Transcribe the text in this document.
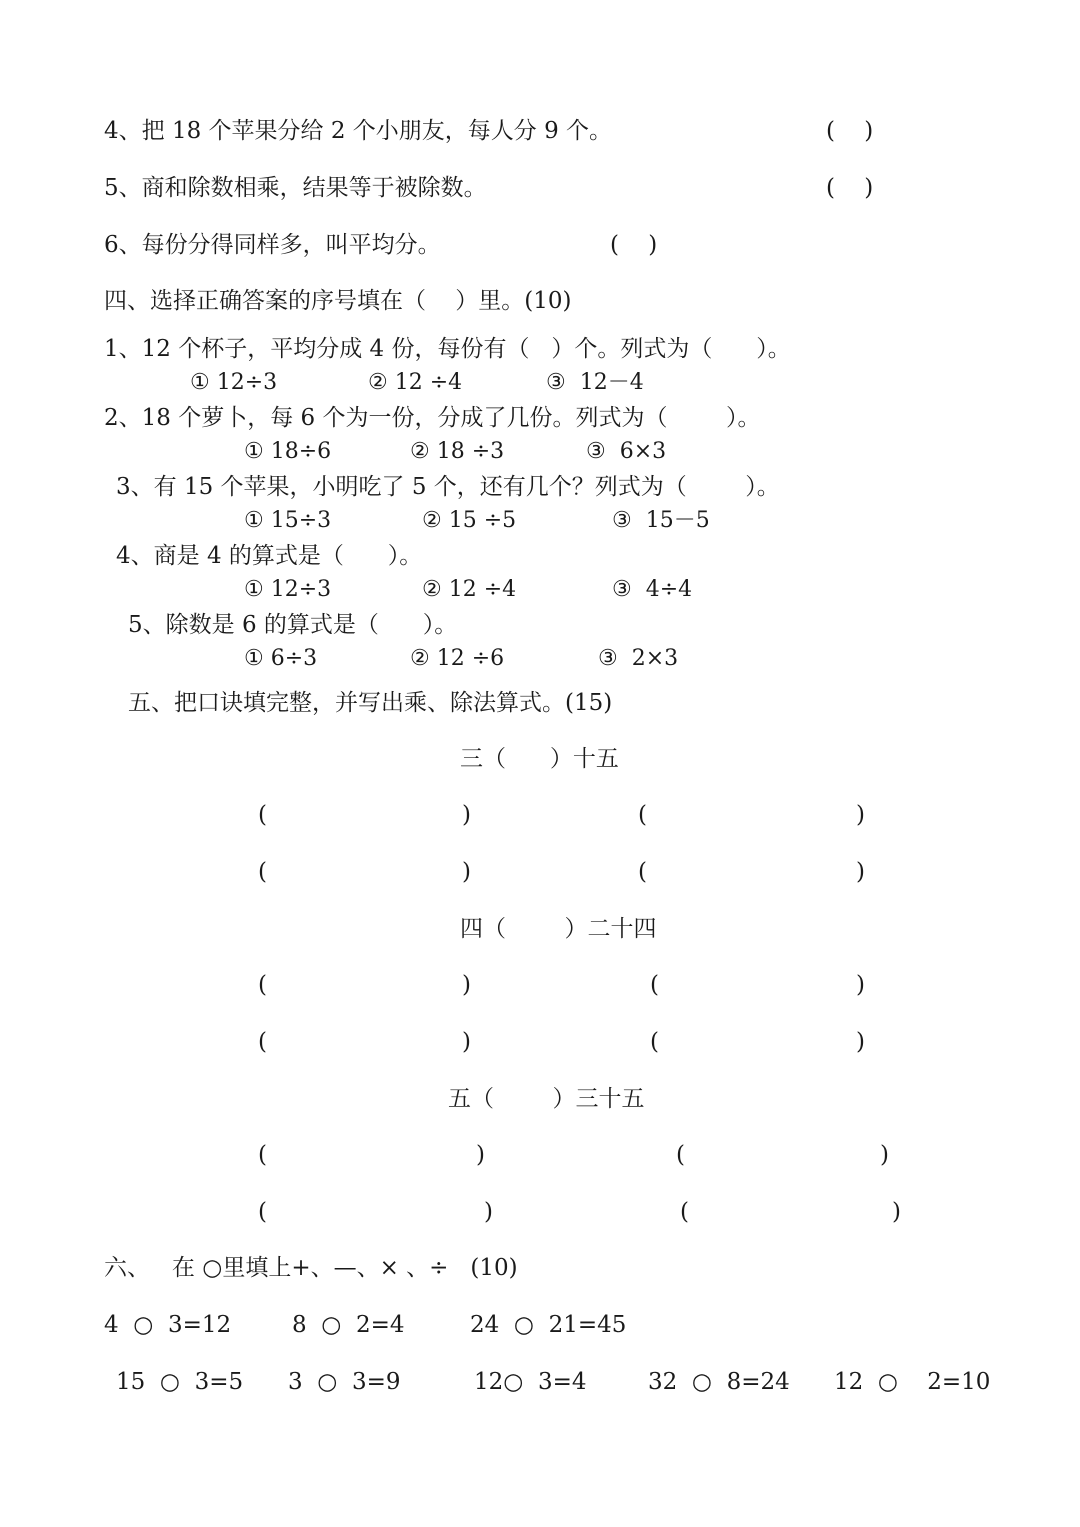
4、把 18 个苹果分给 2 个小朋友，每人分 9 个。	(    )
5、商和除数相乘，结果等于被除数。	(    )
6、每份分得同样多，叫平均分。	(    )
四、选择正确答案的序号填在（    ）里。(10)
1、12 个杯子，平均分成 4 份，每份有（   ）个。列式为（      ）。
① 12÷3	② 12 ÷4	③  12－4
2、18 个萝卜，每 6 个为一份，分成了几份。列式为（        ）。
① 18÷6	② 18 ÷3	③  6×3
3、有 15 个苹果，小明吃了 5 个，还有几个？列式为（        ）。
① 15÷3	② 15 ÷5	③  15－5
4、商是 4 的算式是（      ）。
① 12÷3	② 12 ÷4	③  4÷4
5、除数是 6 的算式是（      ）。
① 6÷3	② 12 ÷6	③  2×3
五、把口诀填完整，并写出乘、除法算式。(15)
三（      ）十五
(	)	(	)
(	)	(	)
四（        ）二十四
(	)	(	)
(	)	(	)
五（        ）三十五
(	)	(	)
(	)	(	)
六、   在 ○里填上+、—、× 、÷   (10)
4  ○  3=12	8  ○  2=4	24  ○  21=45
15  ○  3=5 3  ○  3=9	12○  3=4	32  ○  8=24 12  ○    2=10
